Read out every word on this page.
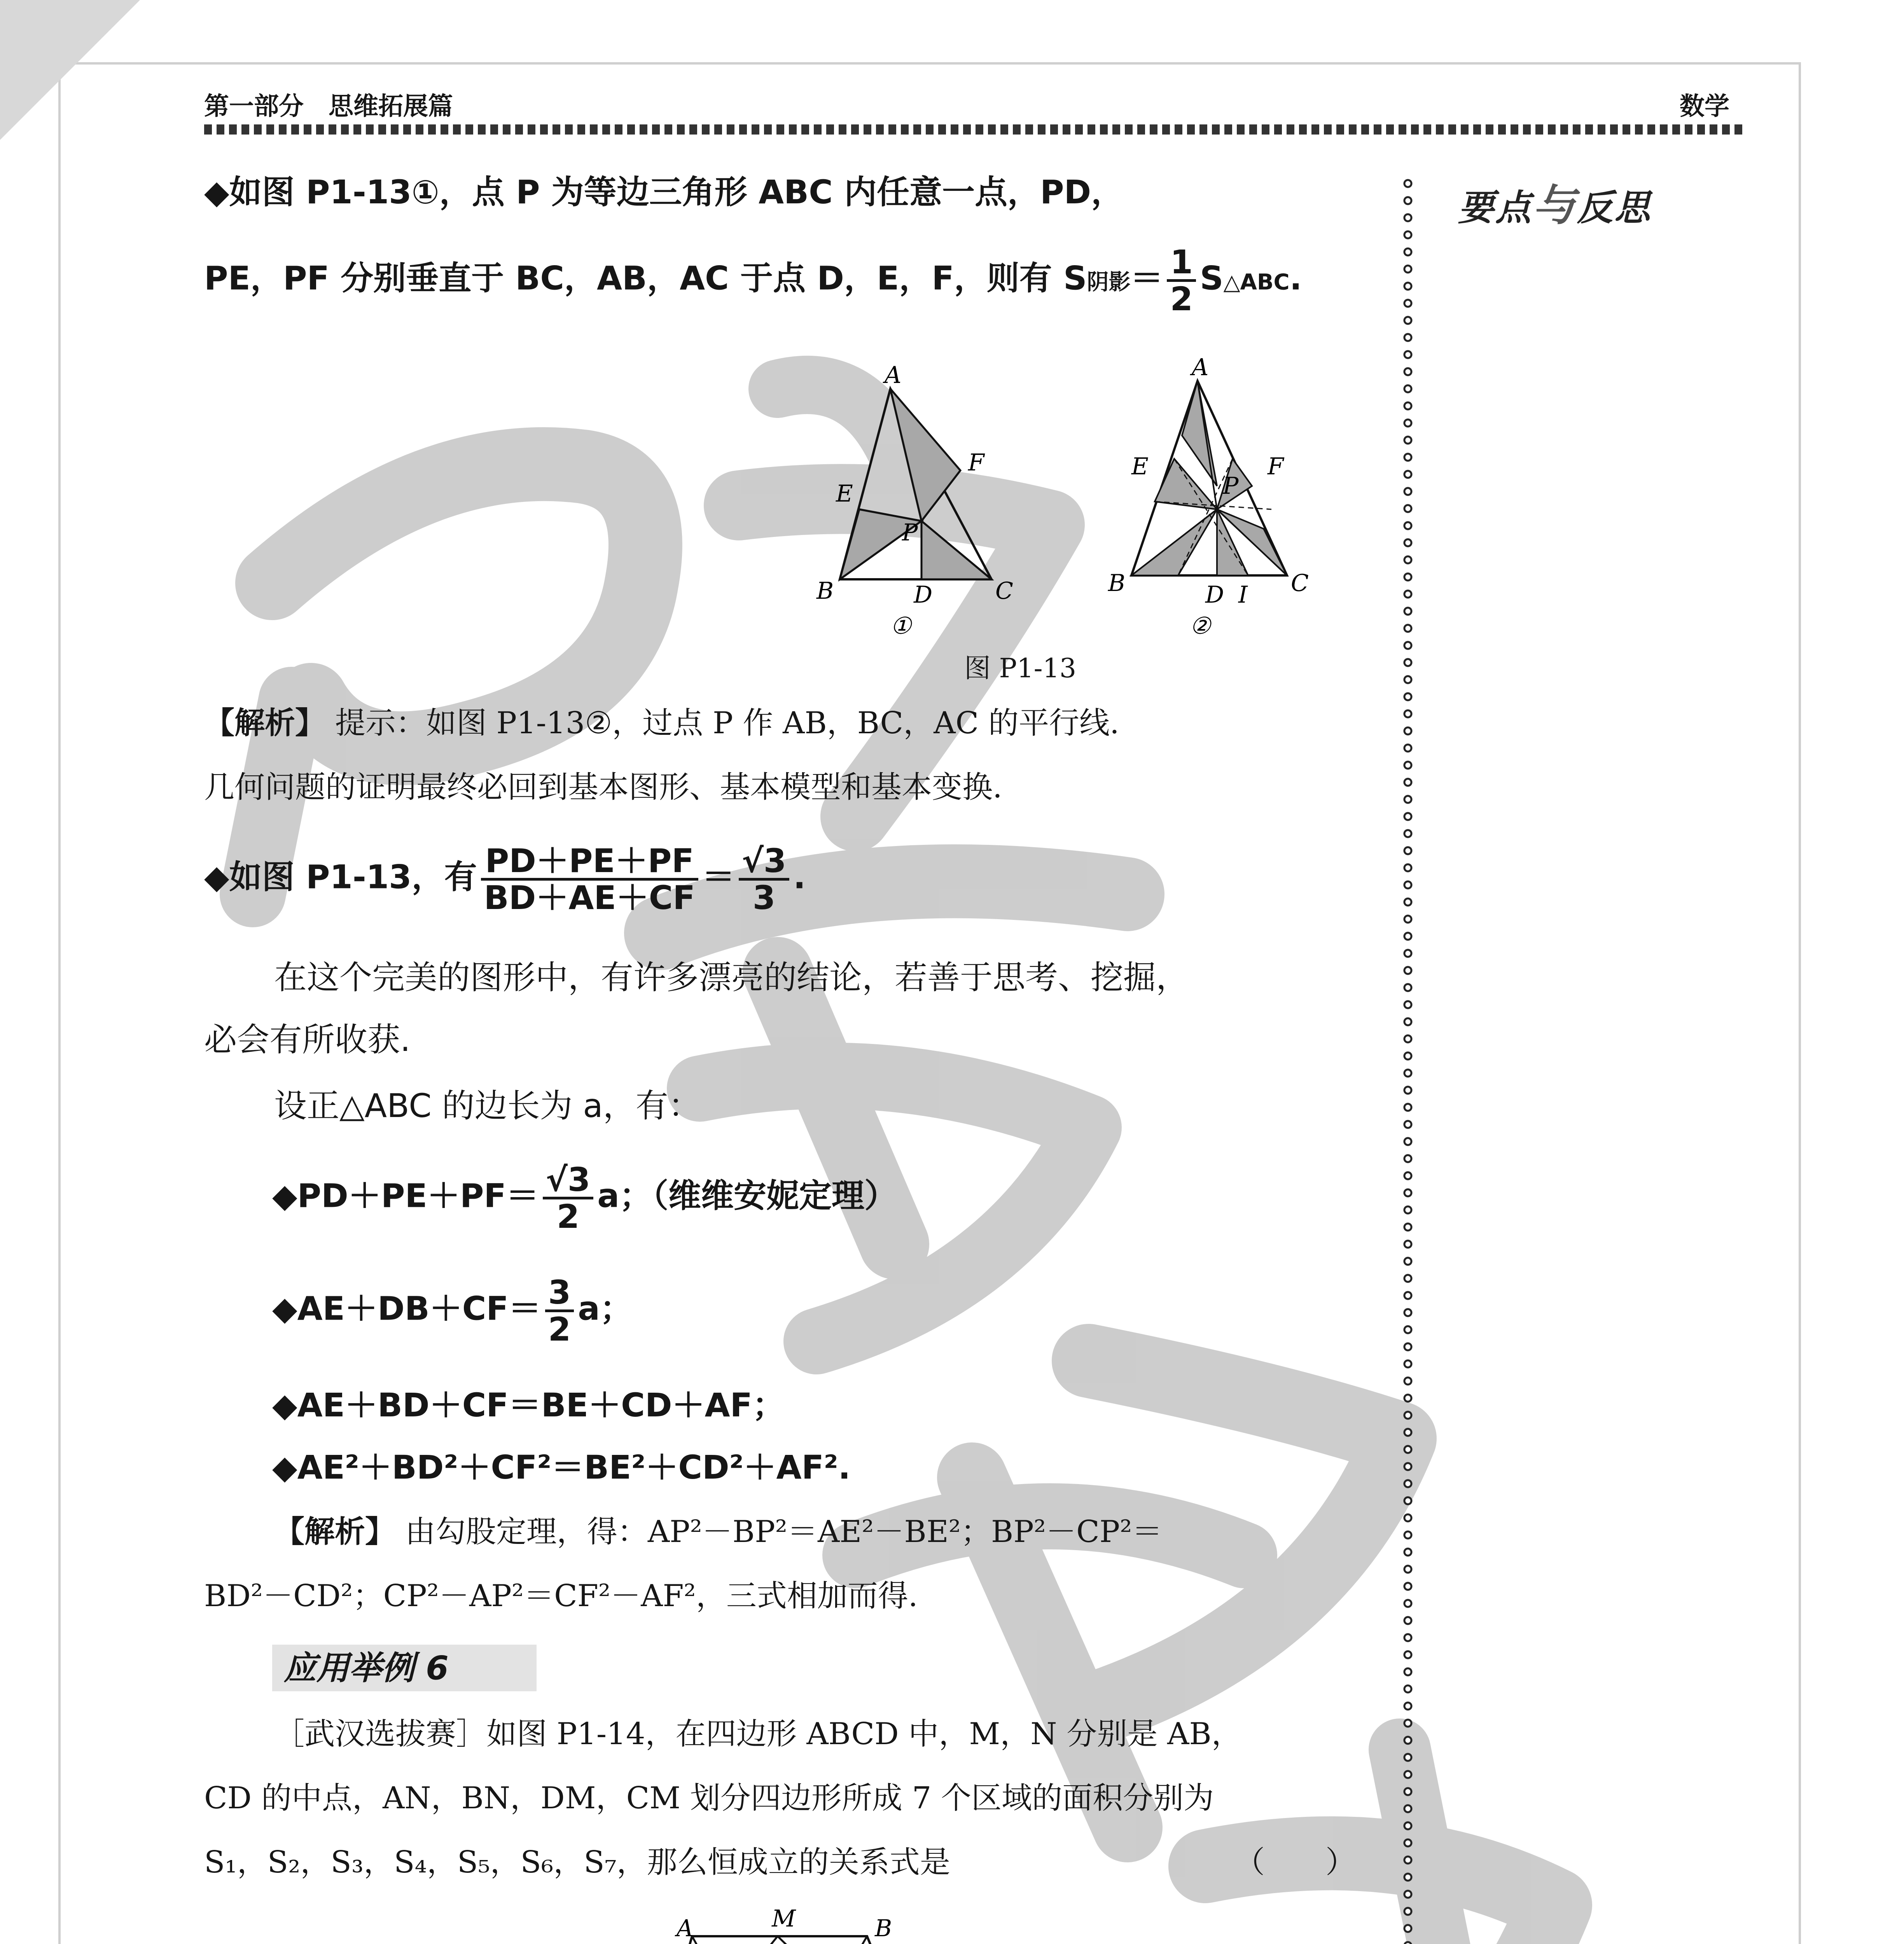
第一部分　思维拓展篇	数学
要点与反思
◆如图 P1-13①，点 P 为等边三角形 ABC 内任意一点，PD，
PE，PF 分别垂直于 BC，AB，AC 于点 D，E，F，则有 S阴影＝ $\frac{1}{2}$ S△ABC.
A
B	C
D
E
F
P
①
A
B	C
D I
E	F
P
②
图 P1-13
【解析】 提示：如图 P1-13②，过点 P 作 AB，BC，AC 的平行线.
几何问题的证明最终必回到基本图形、基本模型和基本变换.
◆如图 P1-13，有 $\frac{PD+PE+PF}{BD+AE+CF} = \frac{√3}{3}$ .
在这个完美的图形中，有许多漂亮的结论，若善于思考、挖掘，
必会有所收获.
设正△ABC 的边长为 a，有：
◆PD＋PE＋PF＝ $\frac{√3}{2}$ a；（维维安妮定理）
◆AE＋DB＋CF＝ $\frac{3}{2}$ a；
◆AE＋BD＋CF＝BE＋CD＋AF；
◆AE²＋BD²＋CF²＝BE²＋CD²＋AF².
【解析】 由勾股定理，得：AP²－BP²＝AE²－BE²；BP²－CP²＝
BD²－CD²；CP²－AP²＝CF²－AF²，三式相加而得.
应用举例 6
［武汉选拔赛］如图 P1-14，在四边形 ABCD 中，M，N 分别是 AB，
CD 的中点，AN，BN，DM，CM 划分四边形所成 7 个区域的面积分别为
S₁，S₂，S₃，S₄，S₅，S₆，S₇，那么恒成立的关系式是	（　　）
A	M	B
